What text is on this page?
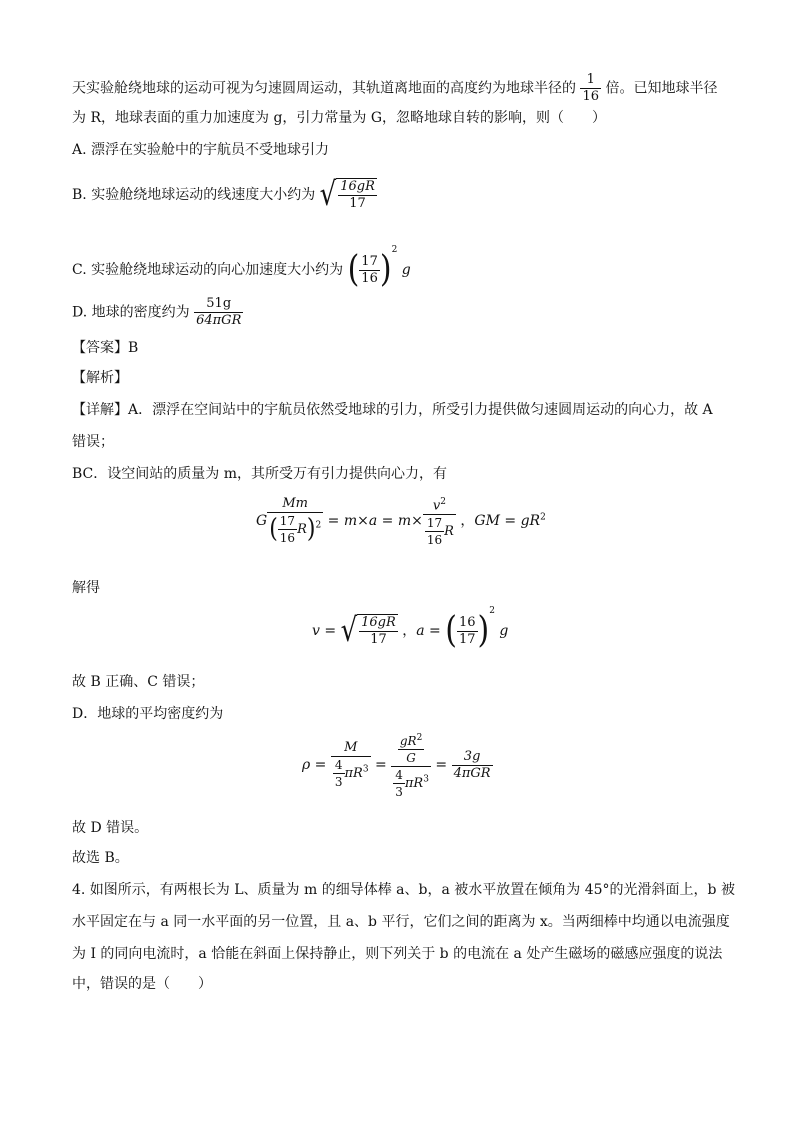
天实验舱绕地球的运动可视为匀速圆周运动，其轨道离地面的高度约为地球半径的 $\frac{1}{16}$ 倍。已知地球半径
为 R，地球表面的重力加速度为 g，引力常量为 G，忽略地球自转的影响，则（　　）
A. 漂浮在实验舱中的宇航员不受地球引力
B. 实验舱绕地球运动的线速度大小约为 √ $\frac{16gR}{17}$
C. 实验舱绕地球运动的向心加速度大小约为 ( $\frac{17}{16} )^2$ g
D. 地球的密度约为 $\frac{51g}{\text{64πGR}}$
【答案】B
【解析】
【详解】A．漂浮在空间站中的宇航员依然受地球的引力，所受引力提供做匀速圆周运动的向心力，故 A
错误；
BC．设空间站的质量为 m，其所受万有引力提供向心力，有
G $\frac{Mm}{( \frac{17}{16} R)^2} = m\times a = m\times \frac{v^2}{\frac{17}{16} R}$ ，GM = $gR^2$
解得
v = √ $\frac{16gR}{17}$ ，a = ( $\frac{16}{17} )^2$ g
故 B 正确、C 错误；
D．地球的平均密度约为
$\rho = \frac{M}{\frac{4}{3} \pi R^3} = \frac{\frac{gR^2}{G}}{\frac{4}{3} \pi R^3} = \frac{3g}{\text{4πGR}}$
故 D 错误。
故选 B。
4. 如图所示，有两根长为 L、质量为 m 的细导体棒 a、b，a 被水平放置在倾角为 45°的光滑斜面上，b 被
水平固定在与 a 同一水平面的另一位置，且 a、b 平行，它们之间的距离为 x。当两细棒中均通以电流强度
为 I 的同向电流时，a 恰能在斜面上保持静止，则下列关于 b 的电流在 a 处产生磁场的磁感应强度的说法
中，错误的是（　　）
